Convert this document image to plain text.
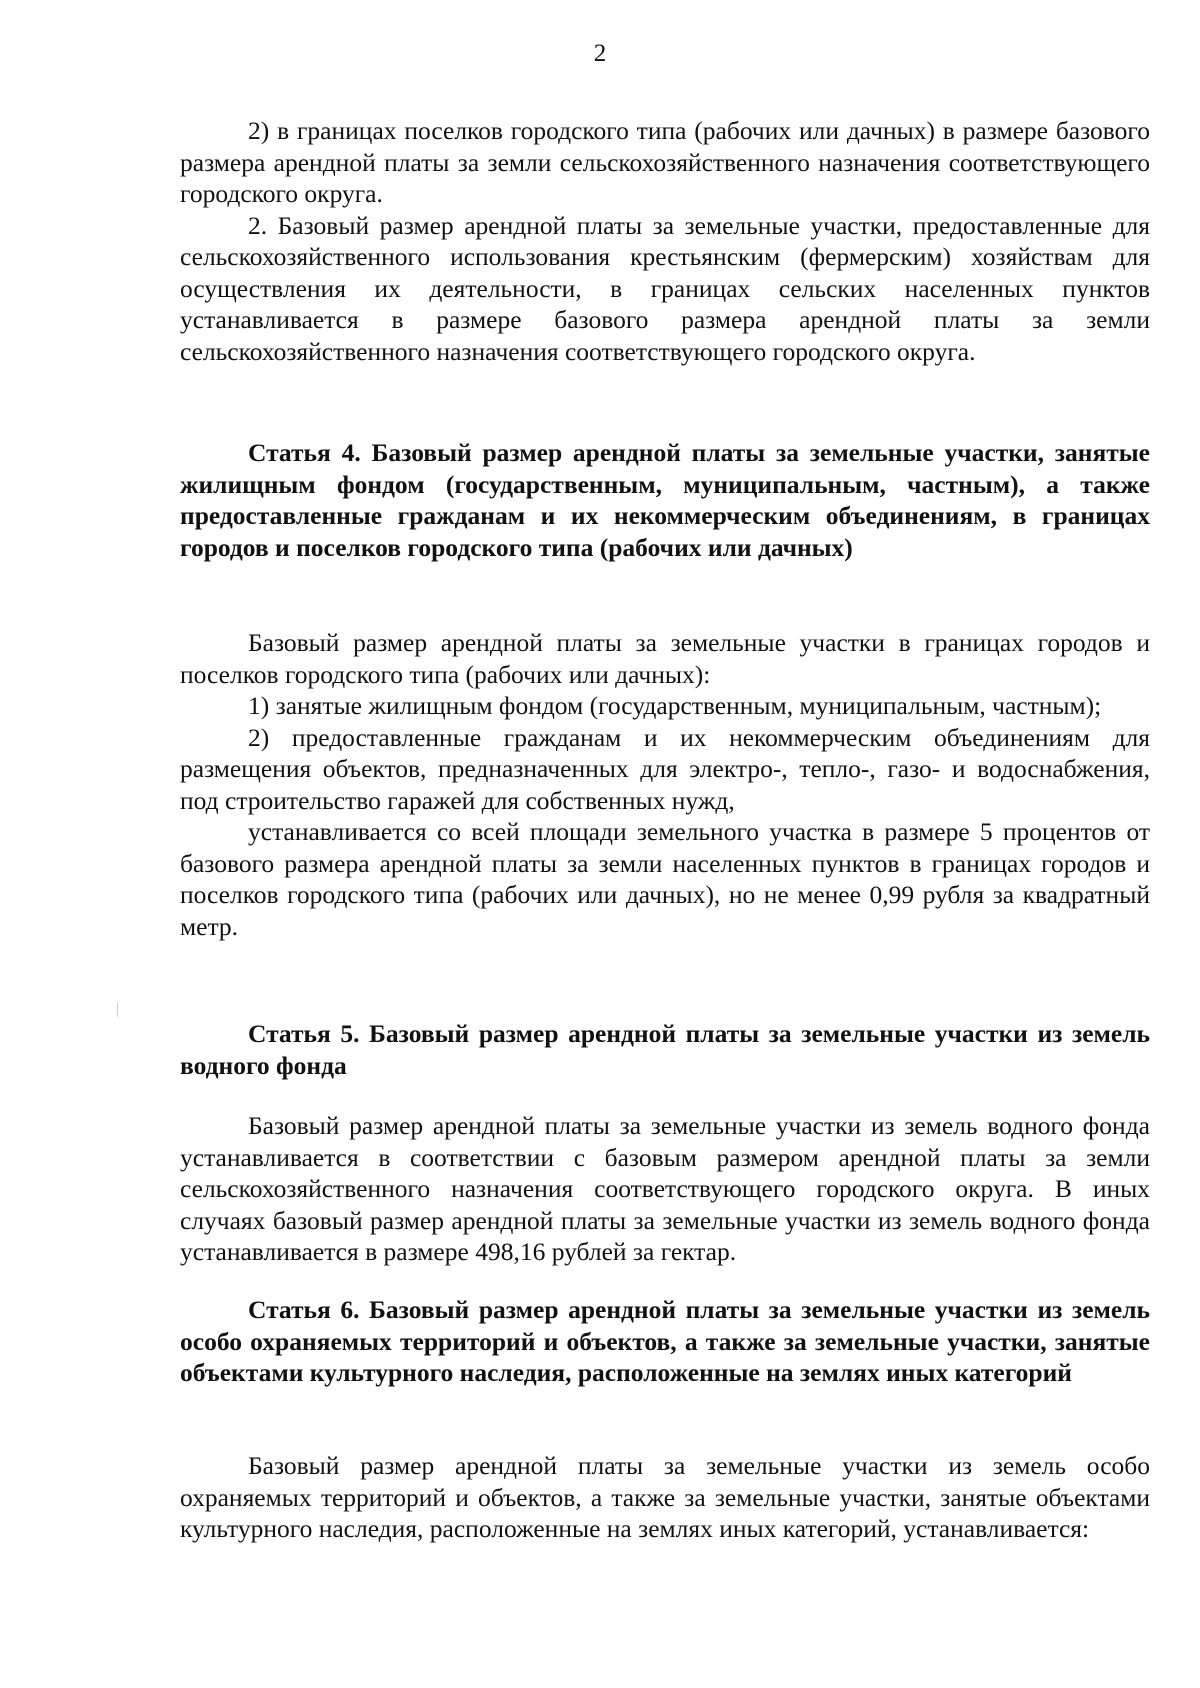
2

2) в границах поселков городского типа (рабочих или дачных) в размере базового размера арендной платы за земли сельскохозяйственного назначения соответствующего городского округа.

2. Базовый размер арендной платы за земельные участки, предоставленные для сельскохозяйственного использования крестьянским (фермерским) хозяйствам для осуществления их деятельности, в границах сельских населенных пунктов устанавливается в размере базового размера арендной платы за земли сельскохозяйственного назначения соответствующего городского округа.

Статья 4. Базовый размер арендной платы за земельные участки, занятые жилищным фондом (государственным, муниципальным, частным), а также предоставленные гражданам и их некоммерческим объединениям, в границах городов и поселков городского типа (рабочих или дачных)

Базовый размер арендной платы за земельные участки в границах городов и поселков городского типа (рабочих или дачных):

1) занятые жилищным фондом (государственным, муниципальным, частным);

2) предоставленные гражданам и их некоммерческим объединениям для размещения объектов, предназначенных для электро-, тепло-, газо- и водоснабжения, под строительство гаражей для собственных нужд,

устанавливается со всей площади земельного участка в размере 5 процентов от базового размера арендной платы за земли населенных пунктов в границах городов и поселков городского типа (рабочих или дачных), но не менее 0,99 рубля за квадратный метр.

Статья 5. Базовый размер арендной платы за земельные участки из земель водного фонда

Базовый размер арендной платы за земельные участки из земель водного фонда устанавливается в соответствии с базовым размером арендной платы за земли сельскохозяйственного назначения соответствующего городского округа. В иных случаях базовый размер арендной платы за земельные участки из земель водного фонда устанавливается в размере 498,16 рублей за гектар.

Статья 6. Базовый размер арендной платы за земельные участки из земель особо охраняемых территорий и объектов, а также за земельные участки, занятые объектами культурного наследия, расположенные на землях иных категорий

Базовый размер арендной платы за земельные участки из земель особо охраняемых территорий и объектов, а также за земельные участки, занятые объектами культурного наследия, расположенные на землях иных категорий, устанавливается:
